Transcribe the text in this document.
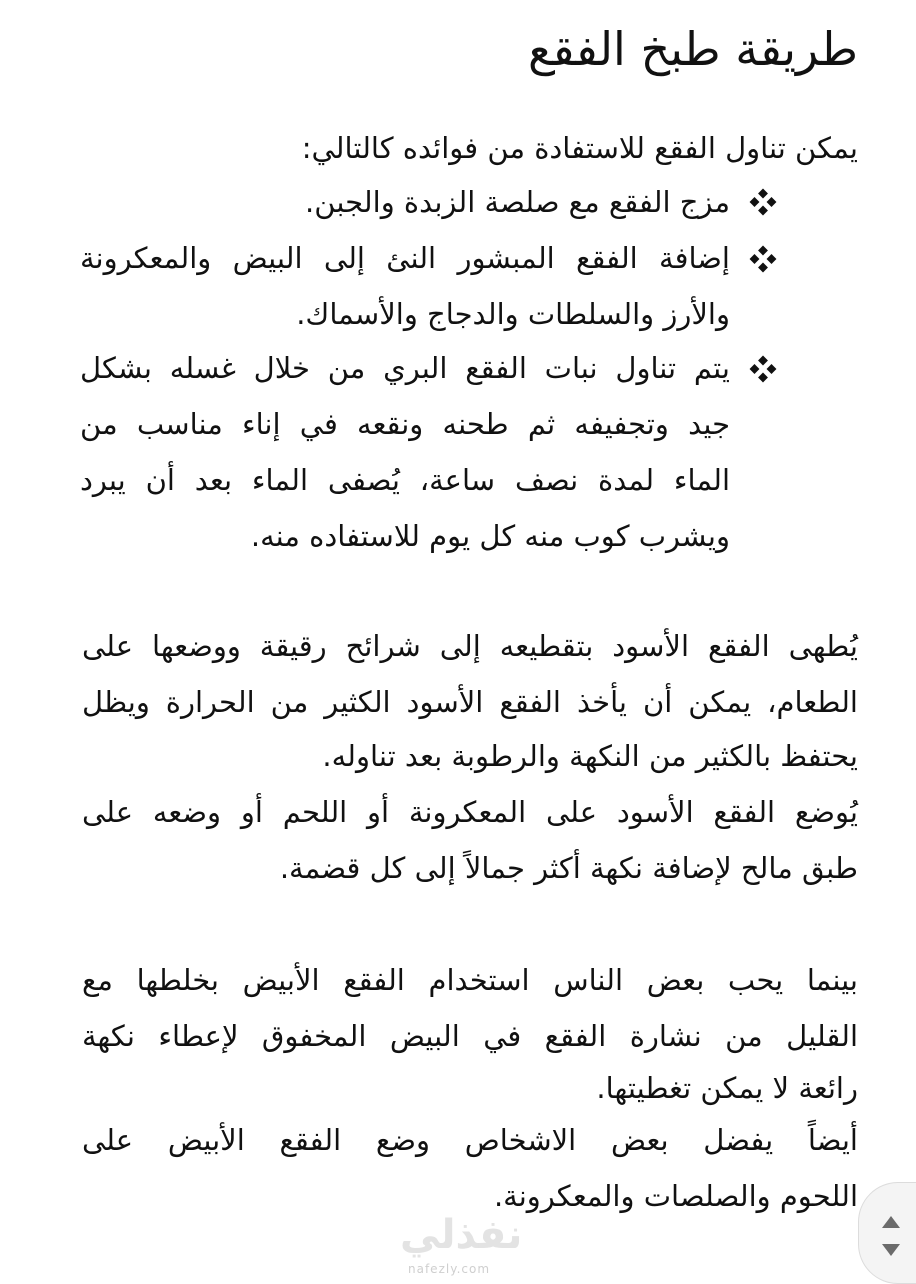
طريقة طبخ الفقع

يمكن تناول الفقع للاستفادة من فوائده كالتالي:

مزج الفقع مع صلصة الزبدة والجبن.

إضافة الفقع المبشور النئ إلى البيض والمعكرونة

والأرز والسلطات والدجاج والأسماك.

يتم تناول نبات الفقع البري من خلال غسله بشكل

جيد وتجفيفه ثم طحنه ونقعه في إناء مناسب من

الماء لمدة نصف ساعة، يُصفى الماء بعد أن يبرد

ويشرب كوب منه كل يوم للاستفاده منه.

يُطهى الفقع الأسود بتقطيعه إلى شرائح رقيقة ووضعها على

الطعام، يمكن أن يأخذ الفقع الأسود الكثير من الحرارة ويظل

يحتفظ بالكثير من النكهة والرطوبة بعد تناوله.

يُوضع الفقع الأسود على المعكرونة أو اللحم أو وضعه على

طبق مالح لإضافة نكهة أكثر جمالاً إلى كل قضمة.

بينما يحب بعض الناس استخدام الفقع الأبيض بخلطها مع

القليل من نشارة الفقع في البيض المخفوق لإعطاء نكهة

رائعة لا يمكن تغطيتها.

أيضاً يفضل بعض الاشخاص وضع الفقع الأبيض على

اللحوم والصلصات والمعكرونة.

نفذلي
nafezly.com
